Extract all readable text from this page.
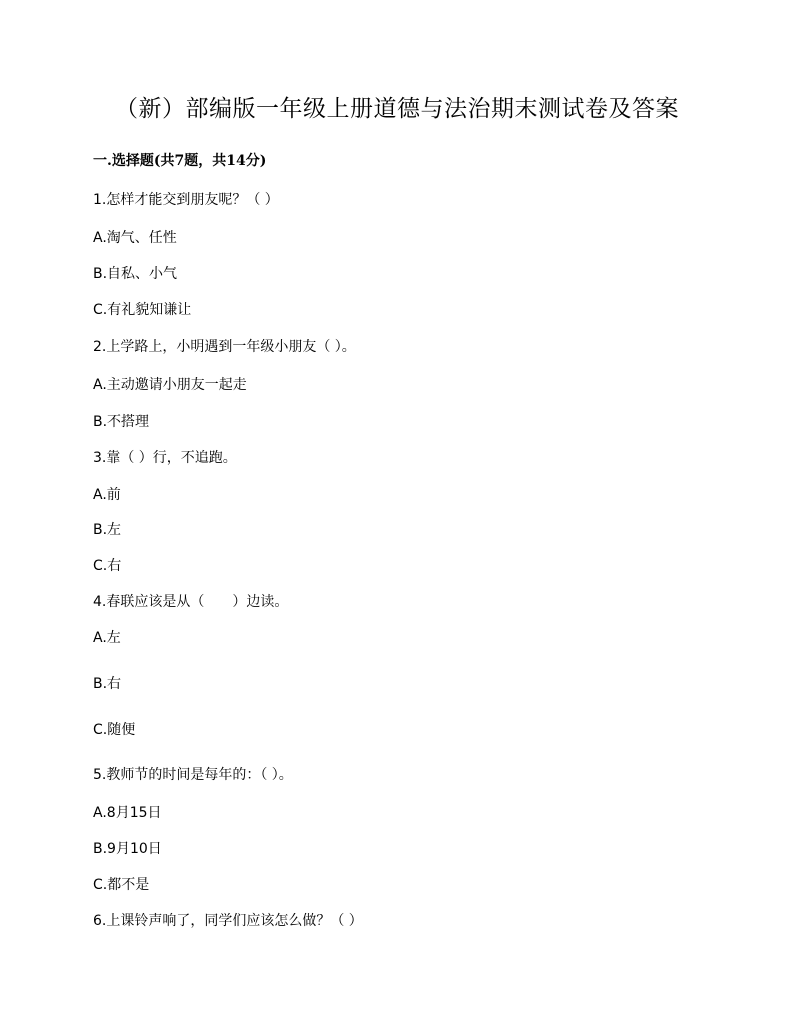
（新）部编版一年级上册道德与法治期末测试卷及答案
一.选择题(共7题，共14分)
1.怎样才能交到朋友呢？（ ）
A.淘气、任性
B.自私、小气
C.有礼貌知谦让
2.上学路上，小明遇到一年级小朋友（ ）。
A.主动邀请小朋友一起走
B.不搭理
3.靠（ ）行，不追跑。
A.前
B.左
C.右
4.春联应该是从（　　）边读。
A.左
B.右
C.随便
5.教师节的时间是每年的：（ ）。
A.8月15日
B.9月10日
C.都不是
6.上课铃声响了，同学们应该怎么做？（ ）
